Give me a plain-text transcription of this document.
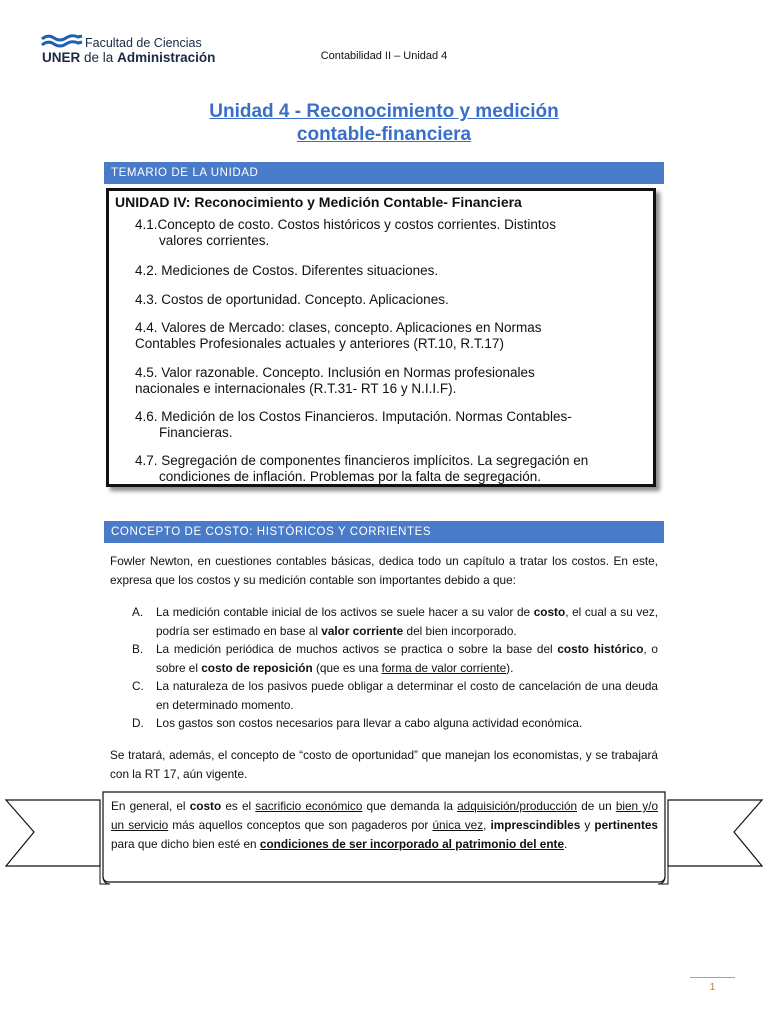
Facultad de Ciencias
UNER de la Administración	Contabilidad II – Unidad 4
Unidad 4 - Reconocimiento y medición
contable-financiera
TEMARIO DE LA UNIDAD
UNIDAD IV: Reconocimiento y Medición Contable- Financiera
4.1.Concepto de costo. Costos históricos y costos corrientes. Distintos
valores corrientes.
4.2. Mediciones de Costos. Diferentes situaciones.
4.3. Costos de oportunidad. Concepto. Aplicaciones.
4.4. Valores de Mercado: clases, concepto. Aplicaciones en Normas
Contables Profesionales actuales y anteriores (RT.10, R.T.17)
4.5. Valor razonable. Concepto. Inclusión en Normas profesionales
nacionales e internacionales (R.T.31- RT 16 y N.I.I.F).
4.6. Medición de los Costos Financieros. Imputación. Normas Contables-
Financieras.
4.7. Segregación de componentes financieros implícitos. La segregación en
condiciones de inflación. Problemas por la falta de segregación.
CONCEPTO DE COSTO: HISTÓRICOS Y CORRIENTES
Fowler Newton, en cuestiones contables básicas, dedica todo un capítulo a tratar los costos. En este, expresa que los costos y su medición contable son importantes debido a que:
A. La medición contable inicial de los activos se suele hacer a su valor de costo, el cual a su vez, podría ser estimado en base al valor corriente del bien incorporado.
B. La medición periódica de muchos activos se practica o sobre la base del costo histórico, o sobre el costo de reposición (que es una forma de valor corriente).
C. La naturaleza de los pasivos puede obligar a determinar el costo de cancelación de una deuda en determinado momento.
D. Los gastos son costos necesarios para llevar a cabo alguna actividad económica.
Se tratará, además, el concepto de “costo de oportunidad” que manejan los economistas, y se trabajará con la RT 17, aún vigente.
En general, el costo es el sacrificio económico que demanda la adquisición/producción de un bien y/o un servicio más aquellos conceptos que son pagaderos por única vez, imprescindibles y pertinentes para que dicho bien esté en condiciones de ser incorporado al patrimonio del ente.
1
